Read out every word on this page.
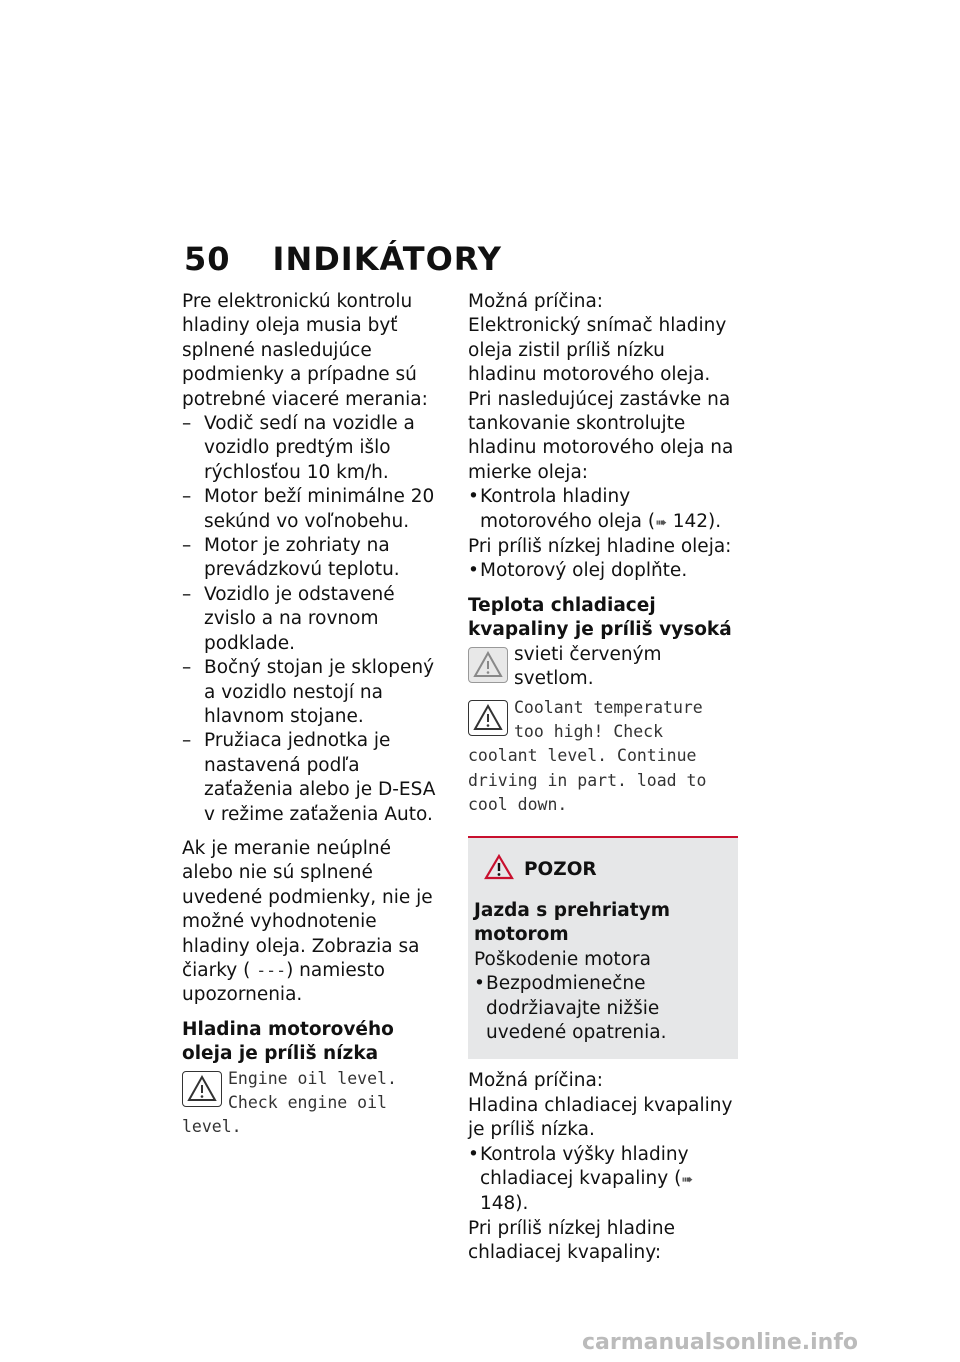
50 INDIKÁTORY

Pre elektronickú kontrolu hladiny oleja musia byť splnené nasledujúce podmienky a prípadne sú potrebné viaceré merania:

– Vodič sedí na vozidle a vozidlo predtým išlo rýchlosťou 10 km/h.
– Motor beží minimálne 20 sekúnd vo voľnobehu.
– Motor je zohriaty na prevádzkovú teplotu.
– Vozidlo je odstavené zvislo a na rovnom podklade.
– Bočný stojan je sklopený a vozidlo nestojí na hlavnom stojane.
– Pružiaca jednotka je nastavená podľa zaťaženia alebo je D-ESA v režime zaťaženia Auto.

Ak je meranie neúplné alebo nie sú splnené uvedené podmienky, nie je možné vyhodnotenie hladiny oleja. Zobrazia sa čiarky ( ---) namiesto upozornenia.

Hladina motorového oleja je príliš nízka
Engine oil level. Check engine oil level.

Možná príčina:

Elektronický snímač hladiny oleja zistil príliš nízku hladinu motorového oleja. Pri nasledujúcej zastávke na tankovanie skontrolujte hladinu motorového oleja na mierke oleja:

• Kontrola hladiny motorového oleja (➠ 142).

Pri príliš nízkej hladine oleja:

• Motorový olej doplňte.
Teplota chladiacej kvapaliny je príliš vysoká
svieti červeným svetlom.
Coolant temperature too high! Check coolant level. Continue driving in part. load to cool down.
POZOR
Jazda s prehriatym motorom

Poškodenie motora

• Bezpodmienečne dodržiavajte nižšie uvedené opatrenia.

Možná príčina:

Hladina chladiacej kvapaliny je príliš nízka.

• Kontrola výšky hladiny chladiacej kvapaliny (➠ 148).

Pri príliš nízkej hladine chladiacej kvapaliny:

carmanualsonline.info
